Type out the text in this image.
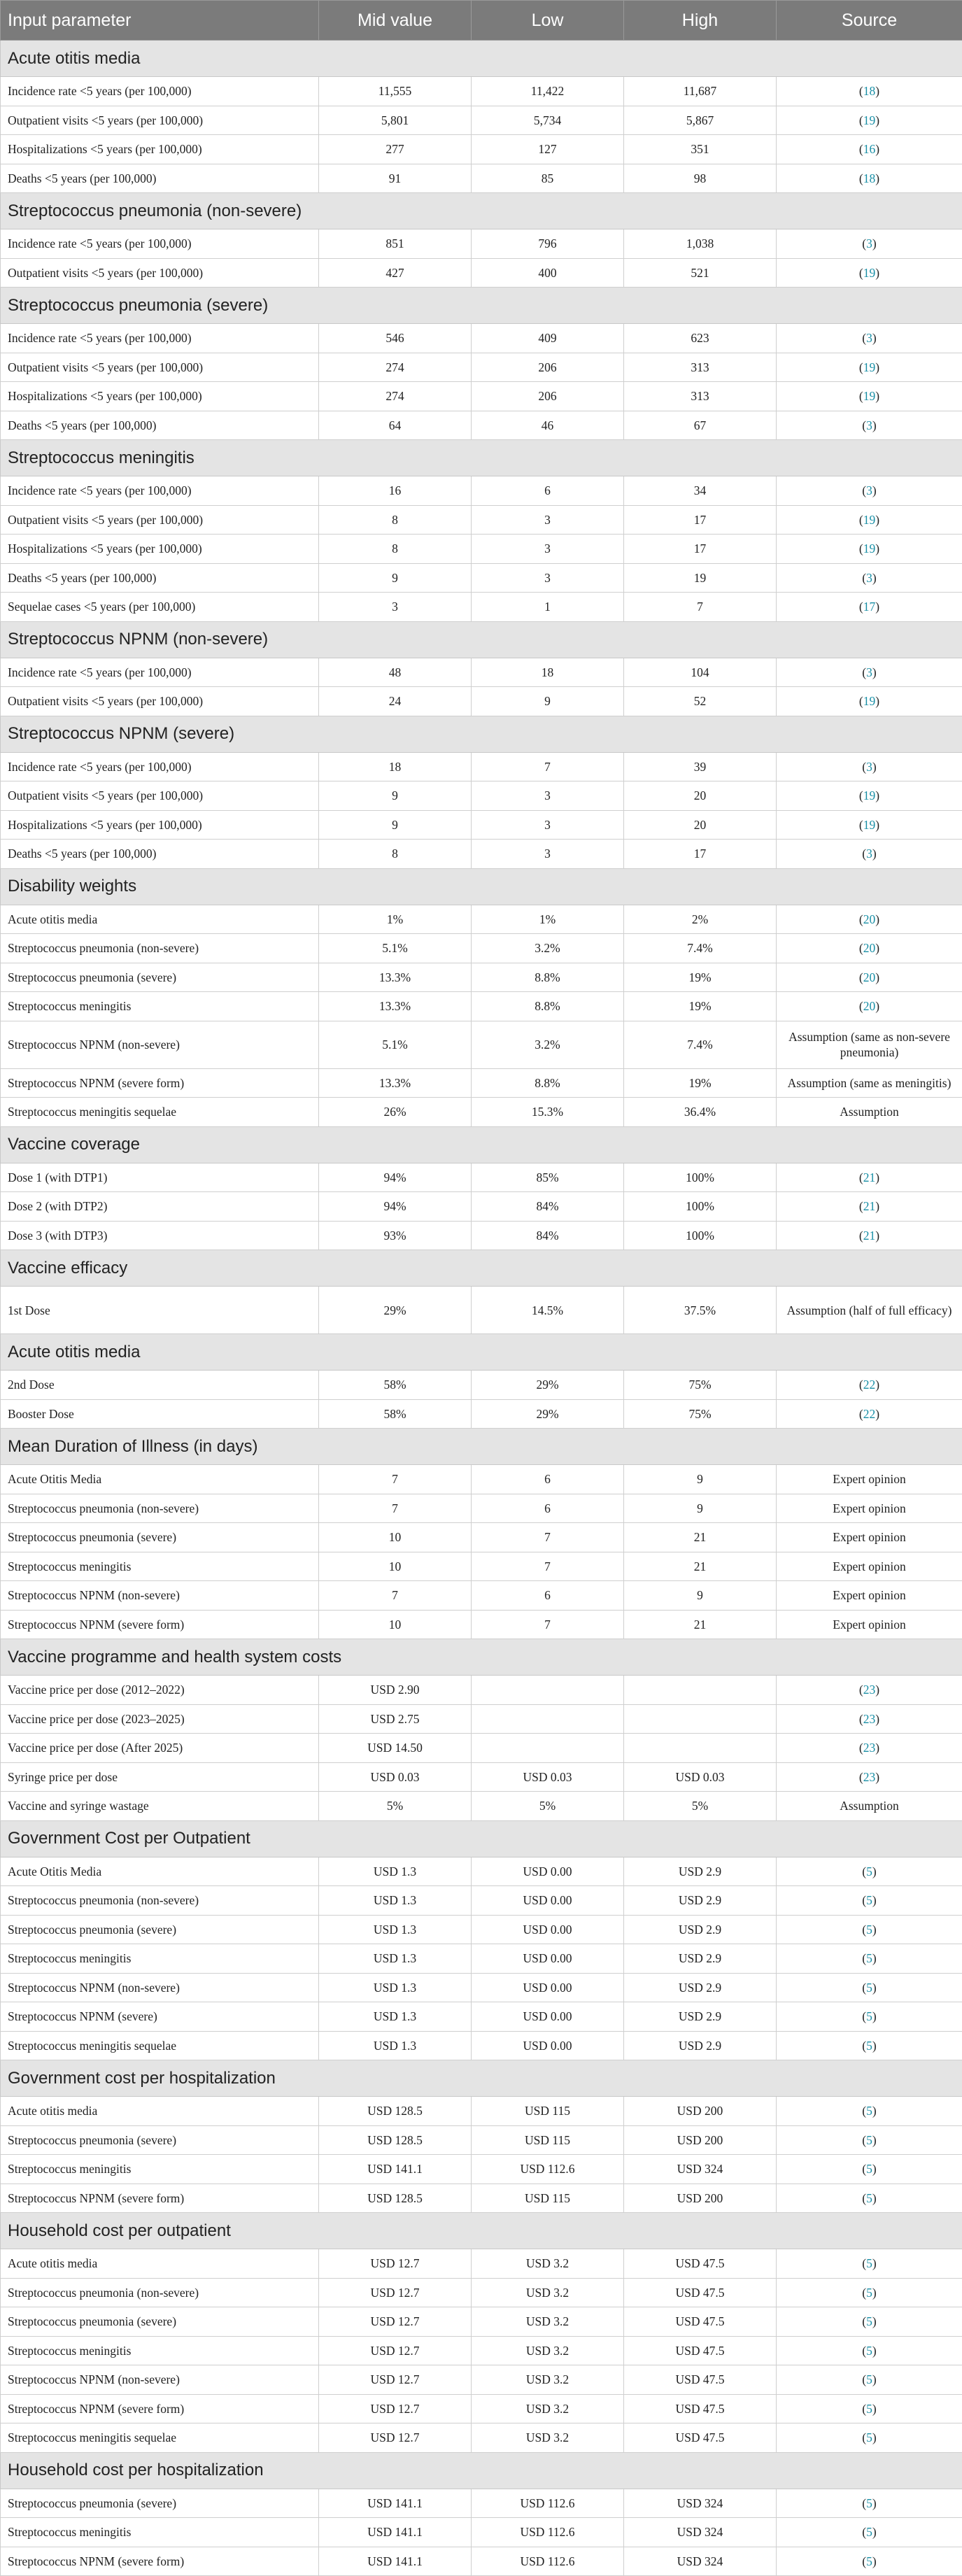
Input parameter	Mid value	Low	High	Source
Acute otitis media				
Incidence rate <5 years (per 100,000)	11,555	11,422	11,687	(18)
Outpatient visits <5 years (per 100,000)	5,801	5,734	5,867	(19)
Hospitalizations <5 years (per 100,000)	277	127	351	(16)
Deaths <5 years (per 100,000)	91	85	98	(18)
Streptococcus pneumonia (non-severe)				
Incidence rate <5 years (per 100,000)	851	796	1,038	(3)
Outpatient visits <5 years (per 100,000)	427	400	521	(19)
Streptococcus pneumonia (severe)				
Incidence rate <5 years (per 100,000)	546	409	623	(3)
Outpatient visits <5 years (per 100,000)	274	206	313	(19)
Hospitalizations <5 years (per 100,000)	274	206	313	(19)
Deaths <5 years (per 100,000)	64	46	67	(3)
Streptococcus meningitis				
Incidence rate <5 years (per 100,000)	16	6	34	(3)
Outpatient visits <5 years (per 100,000)	8	3	17	(19)
Hospitalizations <5 years (per 100,000)	8	3	17	(19)
Deaths <5 years (per 100,000)	9	3	19	(3)
Sequelae cases <5 years (per 100,000)	3	1	7	(17)
Streptococcus NPNM (non-severe)				
Incidence rate <5 years (per 100,000)	48	18	104	(3)
Outpatient visits <5 years (per 100,000)	24	9	52	(19)
Streptococcus NPNM (severe)				
Incidence rate <5 years (per 100,000)	18	7	39	(3)
Outpatient visits <5 years (per 100,000)	9	3	20	(19)
Hospitalizations <5 years (per 100,000)	9	3	20	(19)
Deaths <5 years (per 100,000)	8	3	17	(3)
Disability weights				
Acute otitis media	1%	1%	2%	(20)
Streptococcus pneumonia (non-severe)	5.1%	3.2%	7.4%	(20)
Streptococcus pneumonia (severe)	13.3%	8.8%	19%	(20)
Streptococcus meningitis	13.3%	8.8%	19%	(20)
Streptococcus NPNM (non-severe)	5.1%	3.2%	7.4%	Assumption (same as non-severe pneumonia)
Streptococcus NPNM (severe form)	13.3%	8.8%	19%	Assumption (same as meningitis)
Streptococcus meningitis sequelae	26%	15.3%	36.4%	Assumption
Vaccine coverage				
Dose 1 (with DTP1)	94%	85%	100%	(21)
Dose 2 (with DTP2)	94%	84%	100%	(21)
Dose 3 (with DTP3)	93%	84%	100%	(21)
Vaccine efficacy				
1st Dose	29%	14.5%	37.5%	Assumption (half of full efficacy)
Acute otitis media				
2nd Dose	58%	29%	75%	(22)
Booster Dose	58%	29%	75%	(22)
Mean Duration of Illness (in days)				
Acute Otitis Media	7	6	9	Expert opinion
Streptococcus pneumonia (non-severe)	7	6	9	Expert opinion
Streptococcus pneumonia (severe)	10	7	21	Expert opinion
Streptococcus meningitis	10	7	21	Expert opinion
Streptococcus NPNM (non-severe)	7	6	9	Expert opinion
Streptococcus NPNM (severe form)	10	7	21	Expert opinion
Vaccine programme and health system costs				
Vaccine price per dose (2012–2022)	USD 2.90			(23)
Vaccine price per dose (2023–2025)	USD 2.75			(23)
Vaccine price per dose (After 2025)	USD 14.50			(23)
Syringe price per dose	USD 0.03	USD 0.03	USD 0.03	(23)
Vaccine and syringe wastage	5%	5%	5%	Assumption
Government Cost per Outpatient				
Acute Otitis Media	USD 1.3	USD 0.00	USD 2.9	(5)
Streptococcus pneumonia (non-severe)	USD 1.3	USD 0.00	USD 2.9	(5)
Streptococcus pneumonia (severe)	USD 1.3	USD 0.00	USD 2.9	(5)
Streptococcus meningitis	USD 1.3	USD 0.00	USD 2.9	(5)
Streptococcus NPNM (non-severe)	USD 1.3	USD 0.00	USD 2.9	(5)
Streptococcus NPNM (severe)	USD 1.3	USD 0.00	USD 2.9	(5)
Streptococcus meningitis sequelae	USD 1.3	USD 0.00	USD 2.9	(5)
Government cost per hospitalization				
Acute otitis media	USD 128.5	USD 115	USD 200	(5)
Streptococcus pneumonia (severe)	USD 128.5	USD 115	USD 200	(5)
Streptococcus meningitis	USD 141.1	USD 112.6	USD 324	(5)
Streptococcus NPNM (severe form)	USD 128.5	USD 115	USD 200	(5)
Household cost per outpatient				
Acute otitis media	USD 12.7	USD 3.2	USD 47.5	(5)
Streptococcus pneumonia (non-severe)	USD 12.7	USD 3.2	USD 47.5	(5)
Streptococcus pneumonia (severe)	USD 12.7	USD 3.2	USD 47.5	(5)
Streptococcus meningitis	USD 12.7	USD 3.2	USD 47.5	(5)
Streptococcus NPNM (non-severe)	USD 12.7	USD 3.2	USD 47.5	(5)
Streptococcus NPNM (severe form)	USD 12.7	USD 3.2	USD 47.5	(5)
Streptococcus meningitis sequelae	USD 12.7	USD 3.2	USD 47.5	(5)
Household cost per hospitalization				
Streptococcus pneumonia (severe)	USD 141.1	USD 112.6	USD 324	(5)
Streptococcus meningitis	USD 141.1	USD 112.6	USD 324	(5)
Streptococcus NPNM (severe form)	USD 141.1	USD 112.6	USD 324	(5)
